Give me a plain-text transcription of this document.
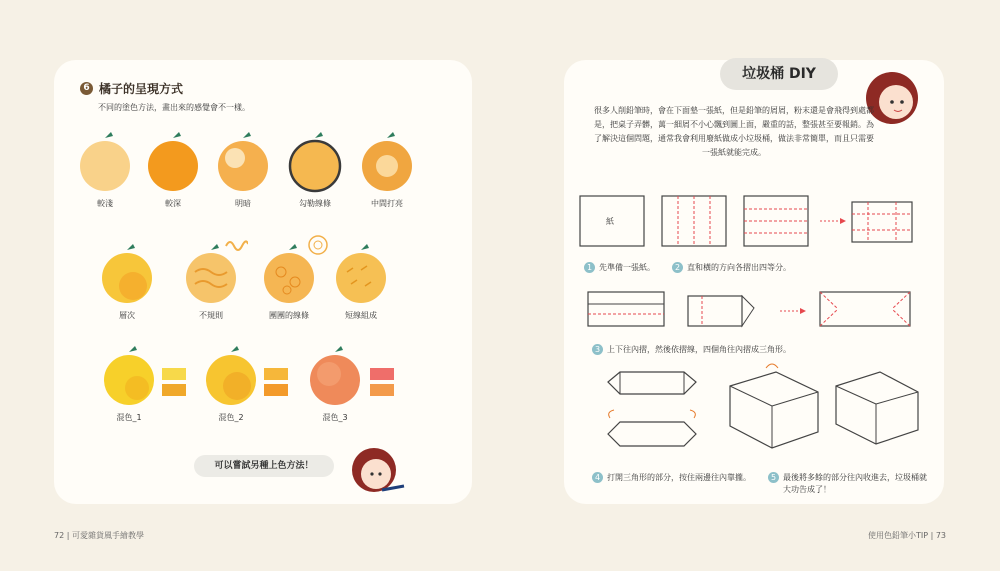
6 橘子的呈現方式
不同的塗色方法，畫出來的感覺會不一樣。
較淺	較深	明暗	勾勒線條	中間打亮
層次	不規則	團團的線條	短線組成
混色_1	混色_2	混色_3
可以嘗試另種上色方法！
垃圾桶 DIY
很多人削鉛筆時，會在下面墊一張紙，但是鉛筆的屑屑，粉末還是會飛得到處都是，把桌子弄髒，萬一細屑不小心飄到圖上面，嚴重的話，整張甚至要報銷。為了解決這個問題，通常我會利用廢紙做成小垃圾桶，做法非常簡單，而且只需要一張紙就能完成。
紙
1 先準備一張紙。	2 直和橫的方向各摺出四等分。
3 上下往內摺，然後依摺線，四個角往內摺成三角形。
4 打開三角形的部分，按住兩邊往內靠攏。	5 最後將多餘的部分往內收進去，垃圾桶就大功告成了！
72 | 可愛雜貨風手繪教學	使用色鉛筆小TIP | 73
